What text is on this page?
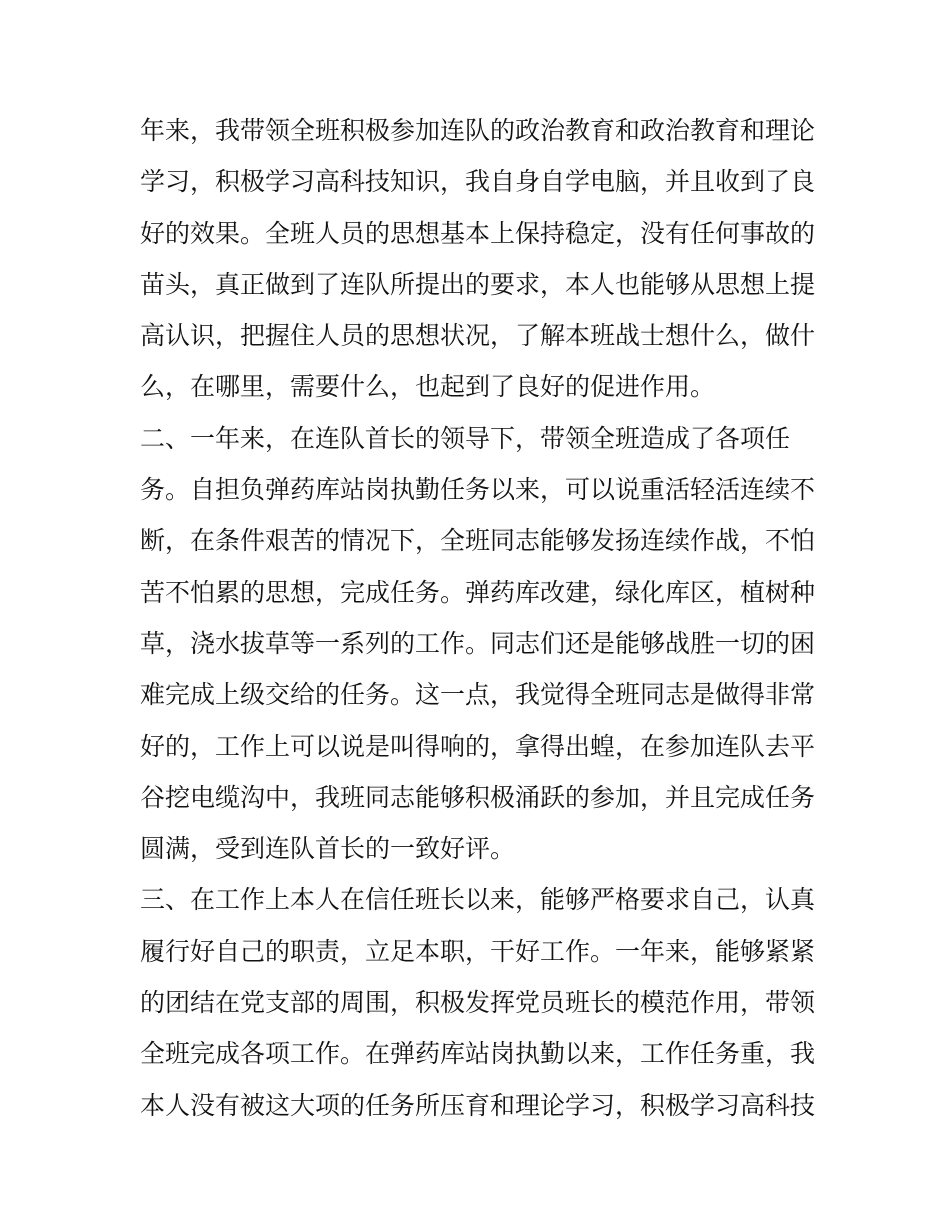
年来，我带领全班积极参加连队的政治教育和政治教育和理论
学习，积极学习高科技知识，我自身自学电脑，并且收到了良
好的效果。全班人员的思想基本上保持稳定，没有任何事故的
苗头，真正做到了连队所提出的要求，本人也能够从思想上提
高认识，把握住人员的思想状况，了解本班战士想什么，做什
么，在哪里，需要什么，也起到了良好的促进作用。
二、一年来，在连队首长的领导下，带领全班造成了各项任
务。自担负弹药库站岗执勤任务以来，可以说重活轻活连续不
断，在条件艰苦的情况下，全班同志能够发扬连续作战，不怕
苦不怕累的思想，完成任务。弹药库改建，绿化库区，植树种
草，浇水拔草等一系列的工作。同志们还是能够战胜一切的困
难完成上级交给的任务。这一点，我觉得全班同志是做得非常
好的，工作上可以说是叫得响的，拿得出蝗，在参加连队去平
谷挖电缆沟中，我班同志能够积极涌跃的参加，并且完成任务
圆满，受到连队首长的一致好评。
三、在工作上本人在信任班长以来，能够严格要求自己，认真
履行好自己的职责，立足本职，干好工作。一年来，能够紧紧
的团结在党支部的周围，积极发挥党员班长的模范作用，带领
全班完成各项工作。在弹药库站岗执勤以来，工作任务重，我
本人没有被这大项的任务所压育和理论学习，积极学习高科技
